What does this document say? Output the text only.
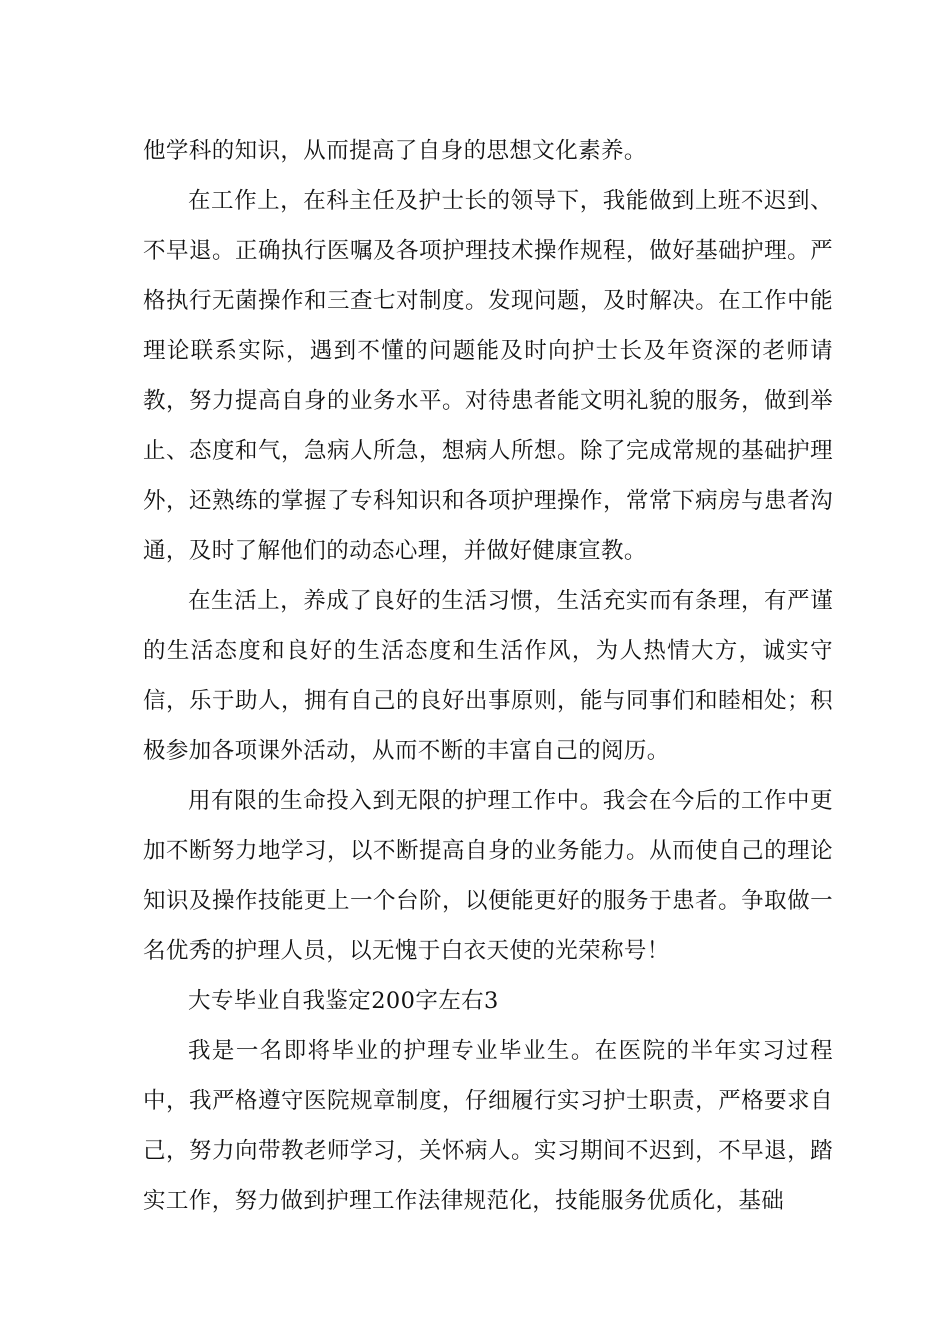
他学科的知识，从而提高了自身的思想文化素养。

在工作上，在科主任及护士长的领导下，我能做到上班不迟到、不早退。正确执行医嘱及各项护理技术操作规程，做好基础护理。严格执行无菌操作和三查七对制度。发现问题，及时解决。在工作中能理论联系实际，遇到不懂的问题能及时向护士长及年资深的老师请教，努力提高自身的业务水平。对待患者能文明礼貌的服务，做到举止、态度和气，急病人所急，想病人所想。除了完成常规的基础护理外，还熟练的掌握了专科知识和各项护理操作，常常下病房与患者沟通，及时了解他们的动态心理，并做好健康宣教。

在生活上，养成了良好的生活习惯，生活充实而有条理，有严谨的生活态度和良好的生活态度和生活作风，为人热情大方，诚实守信，乐于助人，拥有自己的良好出事原则，能与同事们和睦相处；积极参加各项课外活动，从而不断的丰富自己的阅历。

用有限的生命投入到无限的护理工作中。我会在今后的工作中更加不断努力地学习，以不断提高自身的业务能力。从而使自己的理论知识及操作技能更上一个台阶，以便能更好的服务于患者。争取做一名优秀的护理人员，以无愧于白衣天使的光荣称号！

大专毕业自我鉴定200字左右3

我是一名即将毕业的护理专业毕业生。在医院的半年实习过程中，我严格遵守医院规章制度，仔细履行实习护士职责，严格要求自己，努力向带教老师学习，关怀病人。实习期间不迟到，不早退，踏实工作，努力做到护理工作法律规范化，技能服务优质化，基础
